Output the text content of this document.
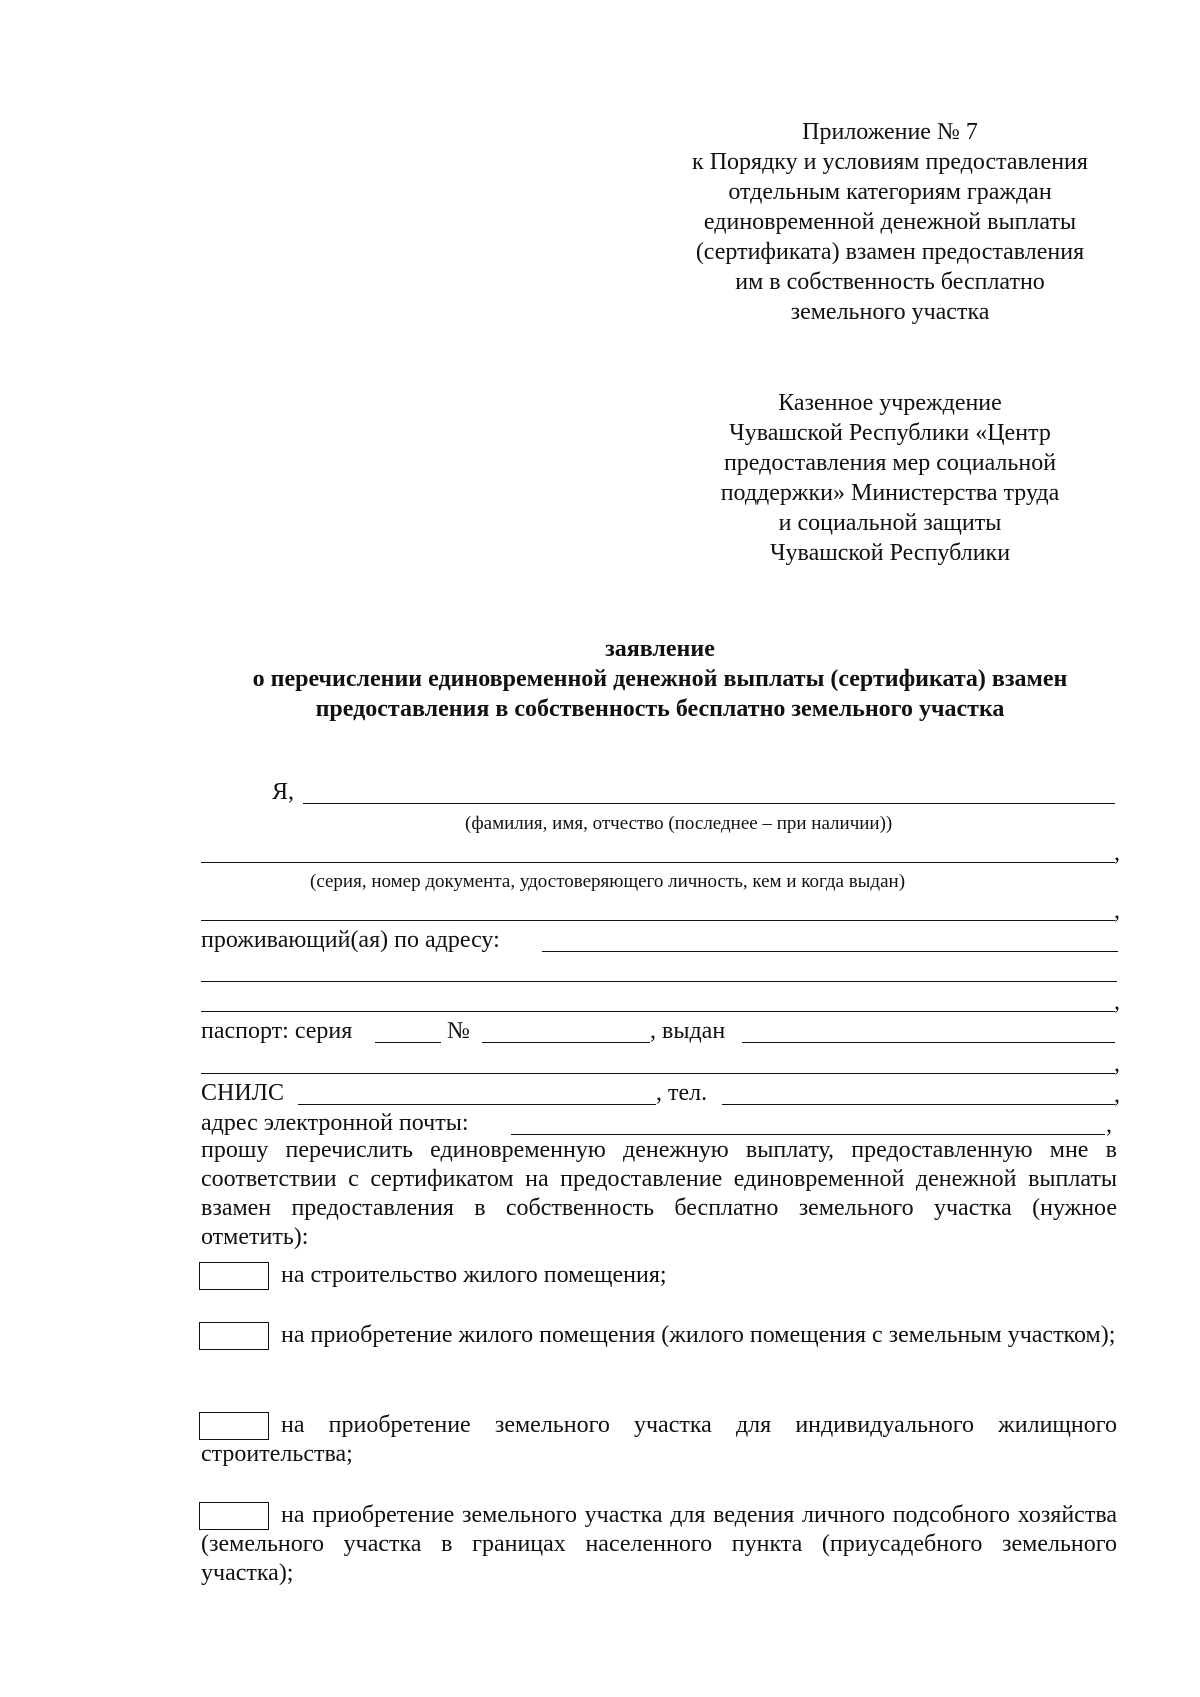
Приложение № 7
к Порядку и условиям предоставления
отдельным категориям граждан
единовременной денежной выплаты
(сертификата) взамен предоставления
им в собственность бесплатно
земельного участка
Казенное учреждение
Чувашской Республики «Центр
предоставления мер социальной
поддержки» Министерства труда
и социальной защиты
Чувашской Республики
заявление
о перечислении единовременной денежной выплаты (сертификата) взамен
предоставления в собственность бесплатно земельного участка
Я,
(фамилия, имя, отчество (последнее – при наличии))
,
(серия, номер документа, удостоверяющего личность, кем и когда выдан)
,
проживающий(ая) по адресу:
,
паспорт: серия	№	, выдан
,
СНИЛС	, тел.	,
адрес электронной почты:	,
прошу перечислить единовременную денежную выплату, предоставленную мне в соответствии с сертификатом на предоставление единовременной денежной выплаты взамен предоставления в собственность бесплатно земельного участка (нужное отметить):
на строительство жилого помещения;
на приобретение жилого помещения (жилого помещения с земельным участком);
на приобретение земельного участка для индивидуального жилищного строительства;
на приобретение земельного участка для ведения личного подсобного хозяйства (земельного участка в границах населенного пункта (приусадебного земельного участка);
